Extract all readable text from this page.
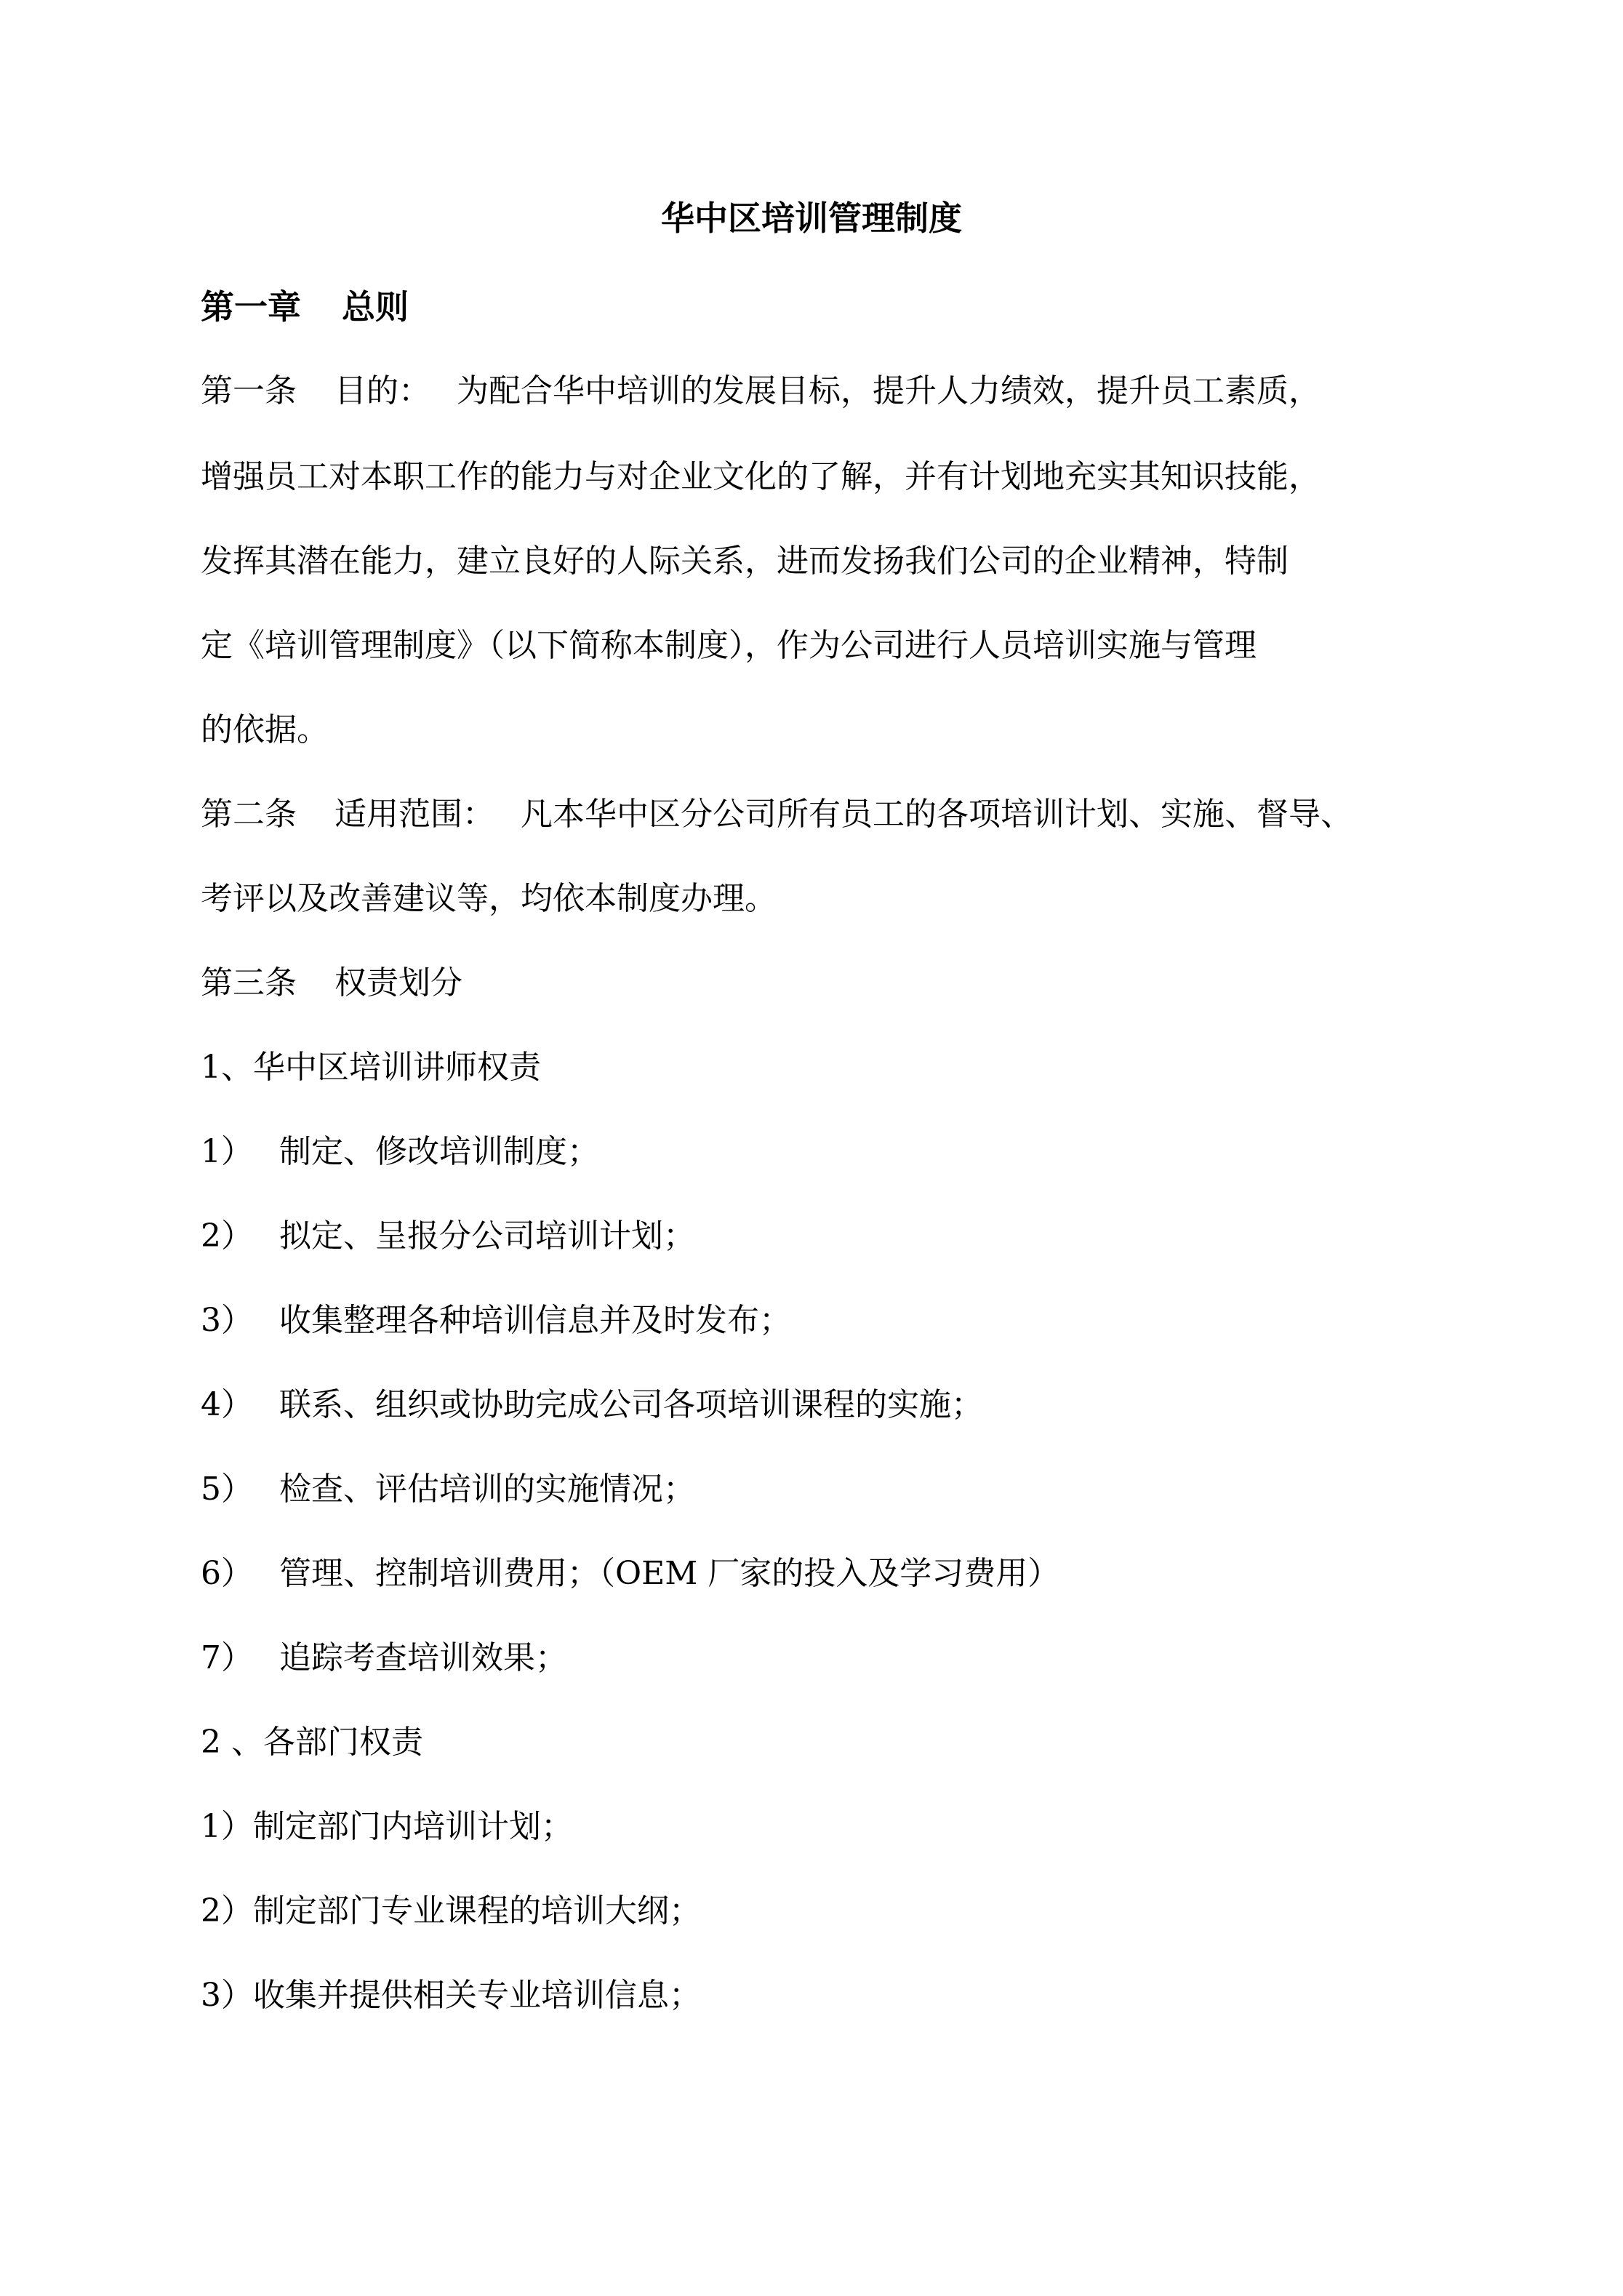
华中区培训管理制度
第一章 总则
第一条 目的： 为配合华中培训的发展目标，提升人力绩效，提升员工素质，
增强员工对本职工作的能力与对企业文化的了解，并有计划地充实其知识技能，
发挥其潜在能力，建立良好的人际关系，进而发扬我们公司的企业精神，特制
定《培训管理制度》（以下简称本制度），作为公司进行人员培训实施与管理
的依据。
第二条 适用范围： 凡本华中区分公司所有员工的各项培训计划、实施、督导、
考评以及改善建议等，均依本制度办理。
第三条 权责划分
1、华中区培训讲师权责
1） 制定、修改培训制度；
2） 拟定、呈报分公司培训计划；
3） 收集整理各种培训信息并及时发布；
4） 联系、组织或协助完成公司各项培训课程的实施；
5） 检查、评估培训的实施情况；
6） 管理、控制培训费用；（OEM 厂家的投入及学习费用）
7） 追踪考查培训效果；
2 、各部门权责
1）制定部门内培训计划；
2）制定部门专业课程的培训大纲；
3）收集并提供相关专业培训信息；
